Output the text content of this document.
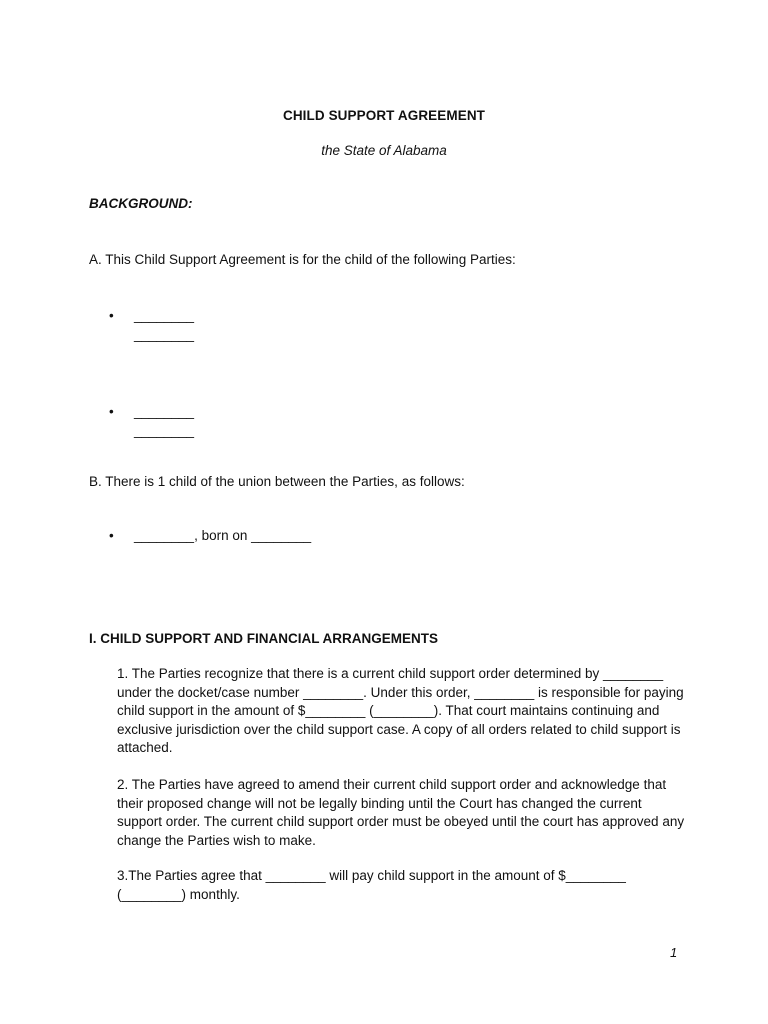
CHILD SUPPORT AGREEMENT
the State of Alabama
BACKGROUND:
A. This Child Support Agreement is for the child of the following Parties:
•	________
________
•	________
________
B. There is 1 child of the union between the Parties, as follows:
•	________, born on ________
I. CHILD SUPPORT AND FINANCIAL ARRANGEMENTS
1. The Parties recognize that there is a current child support order determined by ________ under the docket/case number ________. Under this order, ________ is responsible for paying child support in the amount of $________ (________). That court maintains continuing and exclusive jurisdiction over the child support case. A copy of all orders related to child support is attached.
2. The Parties have agreed to amend their current child support order and acknowledge that their proposed change will not be legally binding until the Court has changed the current support order. The current child support order must be obeyed until the court has approved any change the Parties wish to make.
3.The Parties agree that ________ will pay child support in the amount of $________ (________) monthly.
1
